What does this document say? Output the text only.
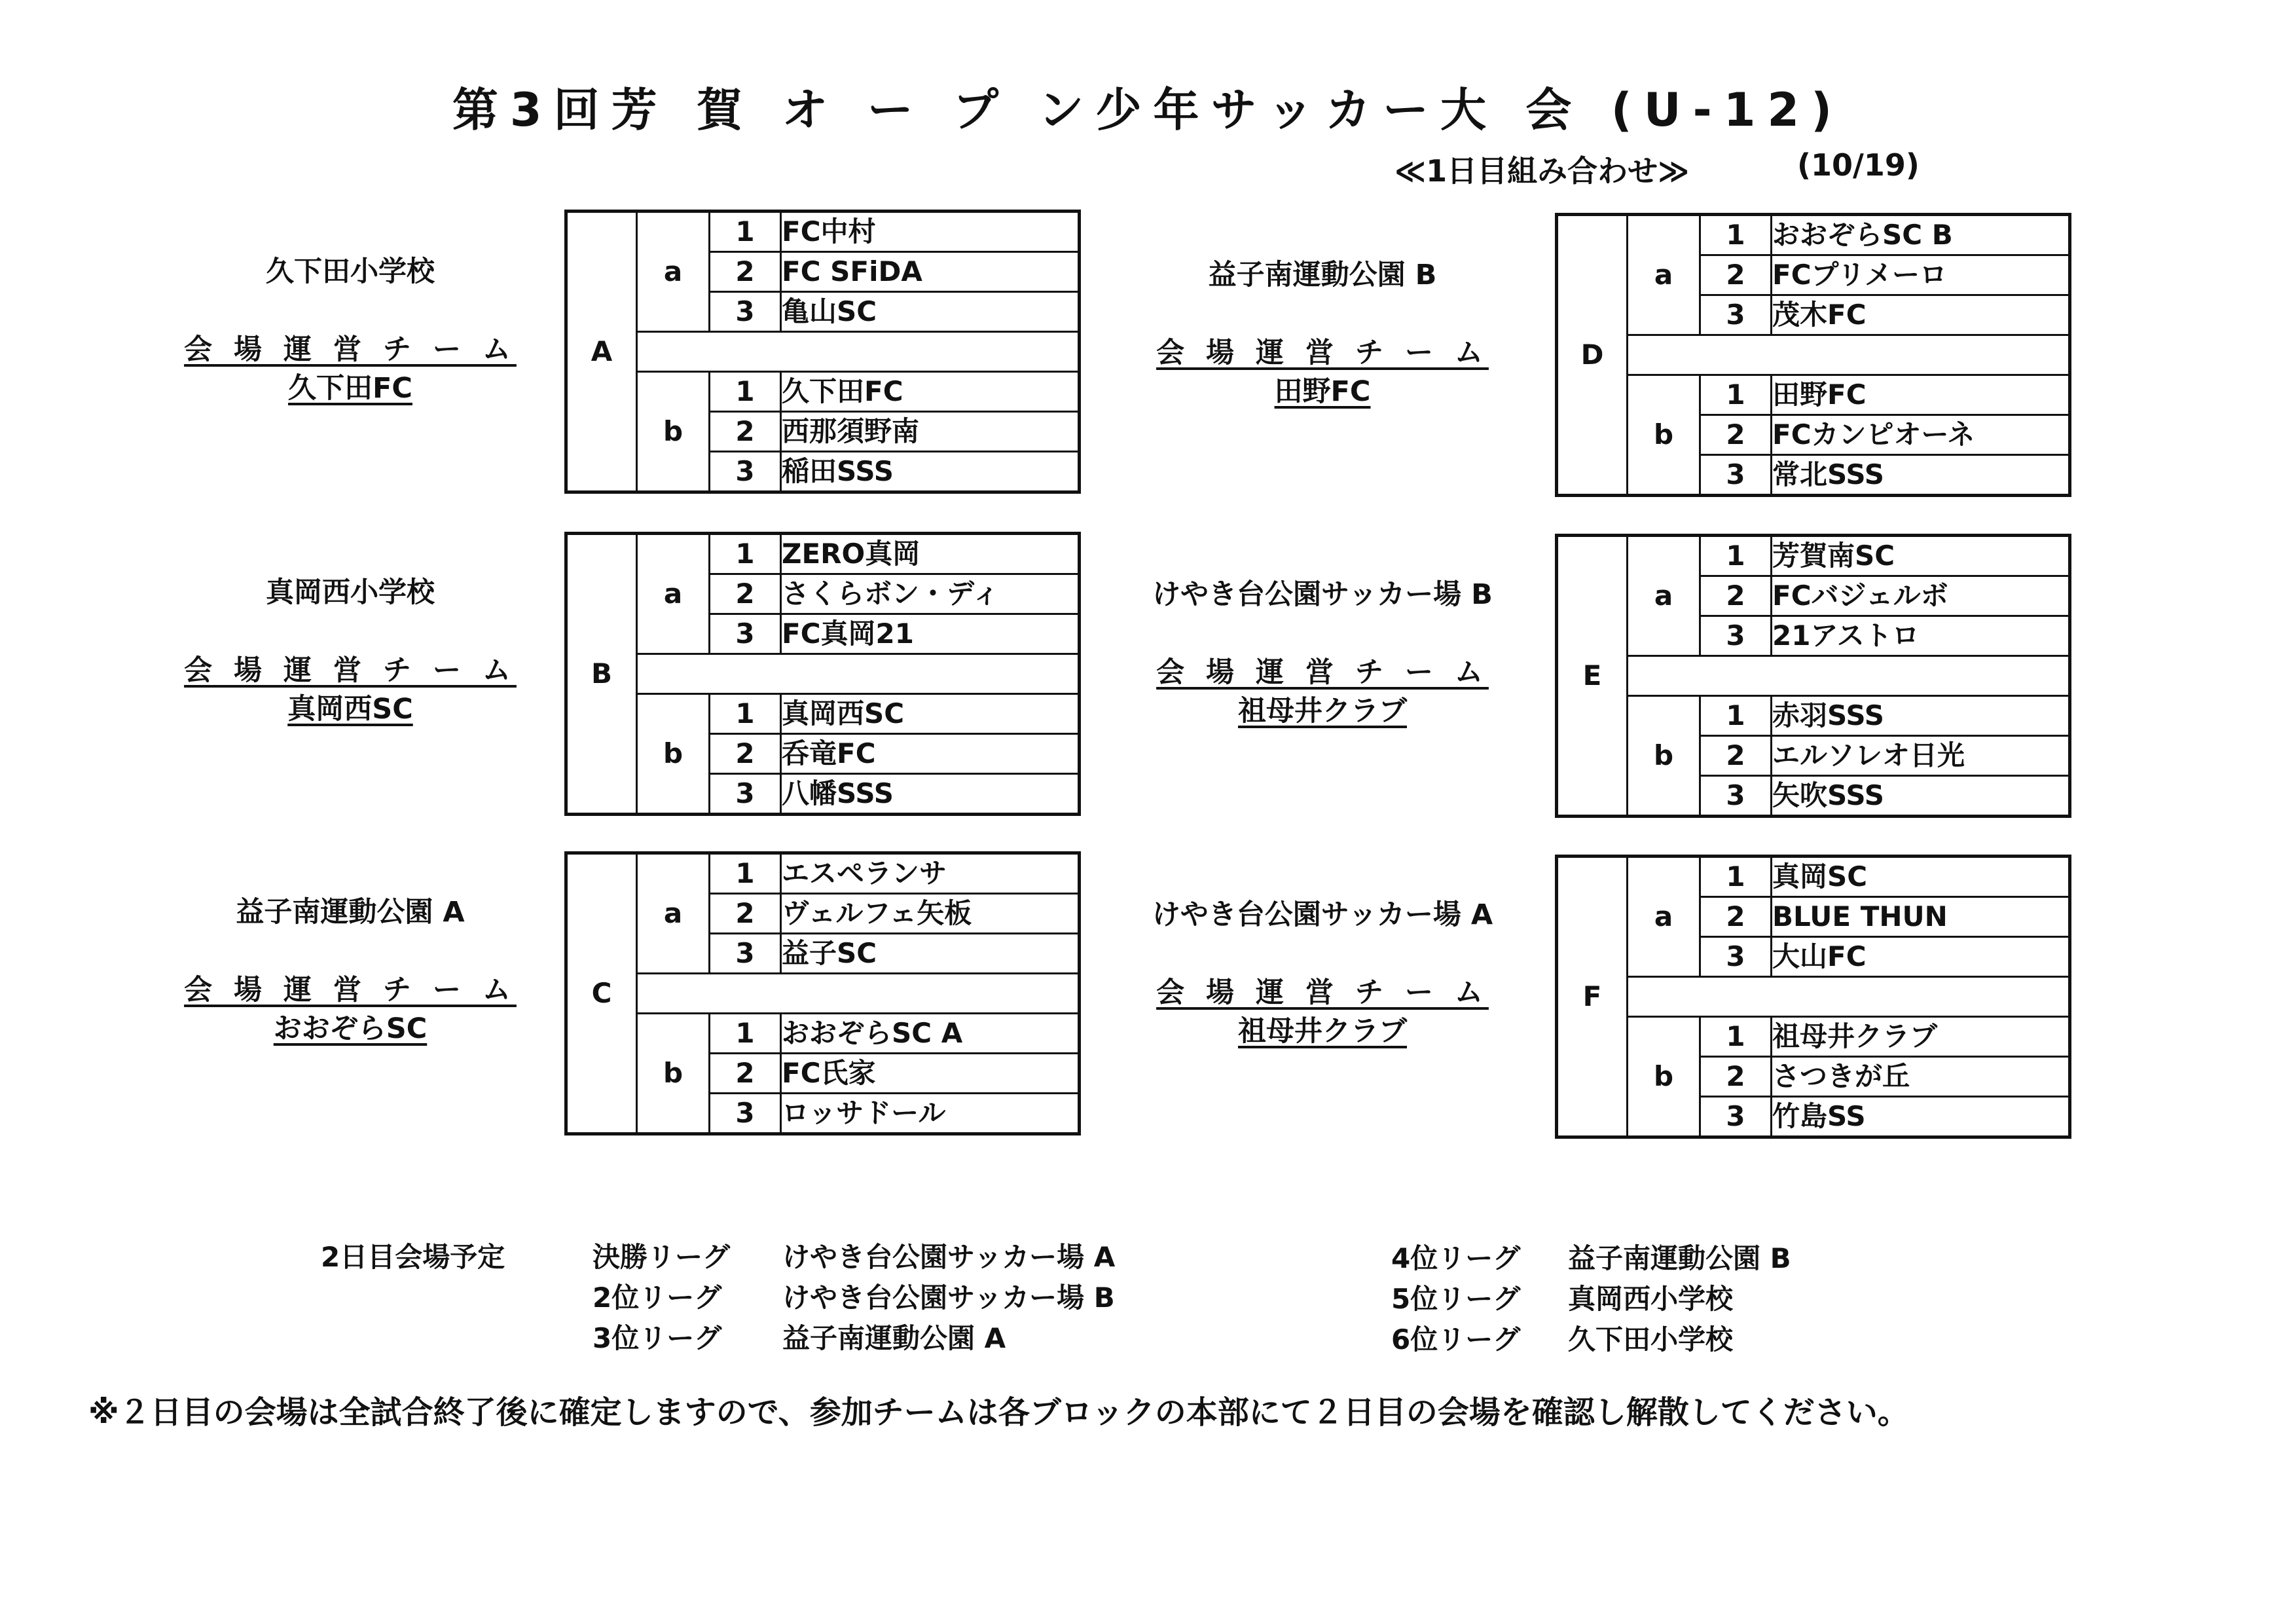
第3回芳 賀 オ ー プ ン少年サッカー大 会 (U-12)
≪1日目組み合わせ≫	(10/19)
久下田小学校
会 場 運 営 チ ー ム
久下田FC
真岡西小学校
会 場 運 営 チ ー ム
真岡西SC
益子南運動公園 A
会 場 運 営 チ ー ム
おおぞらSC
益子南運動公園 B
会 場 運 営 チ ー ム
田野FC
けやき台公園サッカー場 B
会 場 運 営 チ ー ム
祖母井クラブ
けやき台公園サッカー場 A
会 場 運 営 チ ー ム
祖母井クラブ
A	a	1	FC中村
		2	FC SFiDA
		3	亀山SC

	b	1	久下田FC
		2	西那須野南
		3	稲田SSS
B	a	1	ZERO真岡
		2	さくらボン・ディ
		3	FC真岡21

	b	1	真岡西SC
		2	呑竜FC
		3	八幡SSS
C	a	1	エスペランサ
		2	ヴェルフェ矢板
		3	益子SC

	b	1	おおぞらSC A
		2	FC氏家
		3	ロッサドール
D	a	1	おおぞらSC B
		2	FCプリメーロ
		3	茂木FC

	b	1	田野FC
		2	FCカンピオーネ
		3	常北SSS
E	a	1	芳賀南SC
		2	FCバジェルボ
		3	21アストロ

	b	1	赤羽SSS
		2	エルソレオ日光
		3	矢吹SSS
F	a	1	真岡SC
		2	BLUE THUN
		3	大山FC

	b	1	祖母井クラブ
		2	さつきが丘
		3	竹島SS
2日目会場予定	決勝リーグ けやき台公園サッカー場 A
2位リーグ けやき台公園サッカー場 B
3位リーグ 益子南運動公園 A
4位リーグ 益子南運動公園 B
5位リーグ 真岡西小学校
6位リーグ 久下田小学校
※２日目の会場は全試合終了後に確定しますので、参加チームは各ブロックの本部にて２日目の会場を確認し解散してください。
